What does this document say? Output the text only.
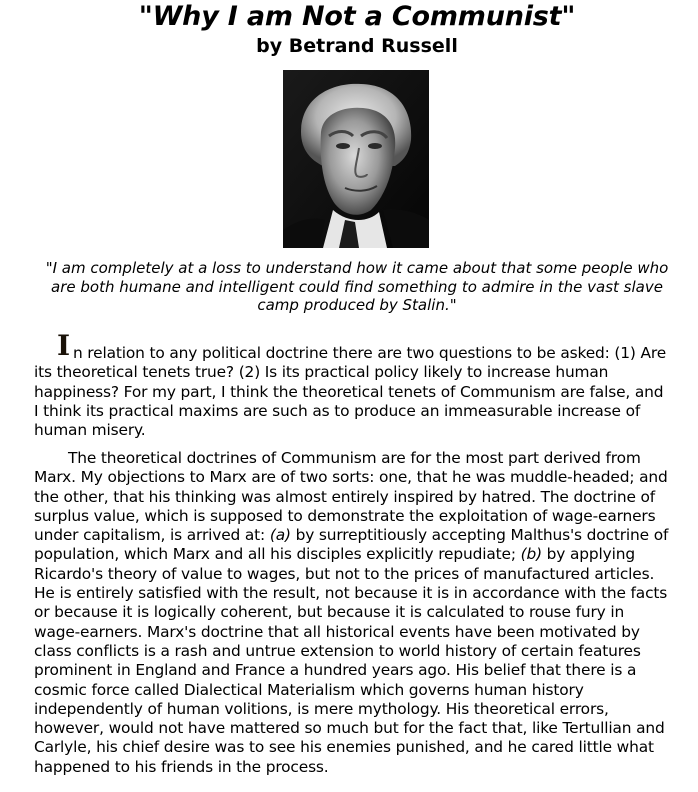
"Why I am Not a Communist"
by Betrand Russell

"I am completely at a loss to understand how it came about that some people who are both humane and intelligent could find something to admire in the vast slave camp produced by Stalin."

In relation to any political doctrine there are two questions to be asked: (1) Are its theoretical tenets true? (2) Is its practical policy likely to increase human happiness? For my part, I think the theoretical tenets of Communism are false, and I think its practical maxims are such as to produce an immeasurable increase of human misery.

The theoretical doctrines of Communism are for the most part derived from Marx. My objections to Marx are of two sorts: one, that he was muddle-headed; and the other, that his thinking was almost entirely inspired by hatred. The doctrine of surplus value, which is supposed to demonstrate the exploitation of wage-earners under capitalism, is arrived at: (a) by surreptitiously accepting Malthus's doctrine of population, which Marx and all his disciples explicitly repudiate; (b) by applying Ricardo's theory of value to wages, but not to the prices of manufactured articles. He is entirely satisfied with the result, not because it is in accordance with the facts or because it is logically coherent, but because it is calculated to rouse fury in wage-earners. Marx's doctrine that all historical events have been motivated by class conflicts is a rash and untrue extension to world history of certain features prominent in England and France a hundred years ago. His belief that there is a cosmic force called Dialectical Materialism which governs human history independently of human volitions, is mere mythology. His theoretical errors, however, would not have mattered so much but for the fact that, like Tertullian and Carlyle, his chief desire was to see his enemies punished, and he cared little what happened to his friends in the process.
